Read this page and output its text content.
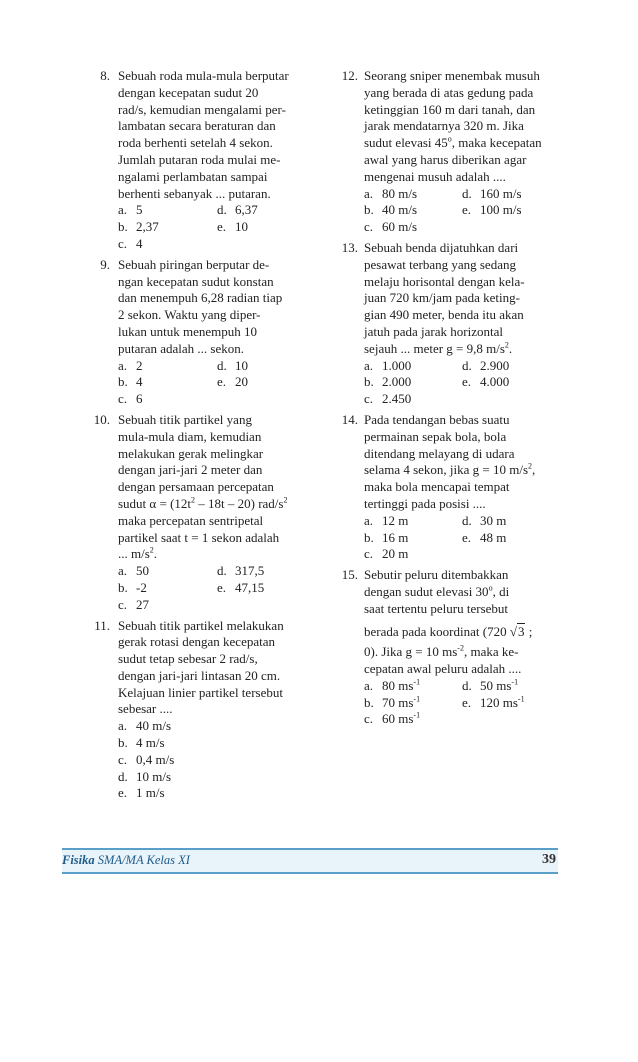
8. Sebuah roda mula-mula berputar
dengan kecepatan sudut 20
rad/s, kemudian mengalami per-
lambatan secara beraturan dan
roda berhenti setelah 4 sekon.
Jumlah putaran roda mulai me-
ngalami perlambatan sampai
berhenti sebanyak ... putaran.
a. 5	d. 6,37
b. 2,37	e. 10
c. 4
9. Sebuah piringan berputar de-
ngan kecepatan sudut konstan
dan menempuh 6,28 radian tiap
2 sekon. Waktu yang diper-
lukan untuk menempuh 10
putaran adalah ... sekon.
a. 2	d. 10
b. 4	e. 20
c. 6
10. Sebuah titik partikel yang
mula-mula diam, kemudian
melakukan gerak melingkar
dengan jari-jari 2 meter dan
dengan persamaan percepatan
sudut $\alpha = (12t^2 - 18t - 20)$ rad/$s^2$
maka percepatan sentripetal
partikel saat t = 1 sekon adalah
... $m/s^2$.
a. 50	d. 317,5
b. -2	e. 47,15
c. 27
11. Sebuah titik partikel melakukan
gerak rotasi dengan kecepatan
sudut tetap sebesar 2 rad/s,
dengan jari-jari lintasan 20 cm.
Kelajuan linier partikel tersebut
sebesar ....
a. 40 m/s
b. 4 m/s
c. 0,4 m/s
d. 10 m/s
e. 1 m/s
12. Seorang sniper menembak musuh
yang berada di atas gedung pada
ketinggian 160 m dari tanah, dan
jarak mendatarnya 320 m. Jika
sudut elevasi 45$^o$, maka kecepatan
awal yang harus diberikan agar
mengenai musuh adalah ....
a. 80 m/s	d. 160 m/s
b. 40 m/s	e. 100 m/s
c. 60 m/s
13. Sebuah benda dijatuhkan dari
pesawat terbang yang sedang
melaju horisontal dengan kela-
juan 720 km/jam pada keting-
gian 490 meter, benda itu akan
jatuh pada jarak horizontal
sejauh ... meter g = 9,8 $m/s^2$.
a. 1.000	d. 2.900
b. 2.000	e. 4.000
c. 2.450
14. Pada tendangan bebas suatu
permainan sepak bola, bola
ditendang melayang di udara
selama 4 sekon, jika g = 10 $m/s^2$,
maka bola mencapai tempat
tertinggi pada posisi ....
a. 12 m	d. 30 m
b. 16 m	e. 48 m
c. 20 m
15. Sebutir peluru ditembakkan
dengan sudut elevasi 30$^o$, di
saat tertentu peluru tersebut
berada pada koordinat (720 √3 ;
0). Jika g = 10 $ms^{-2}$, maka ke-
cepatan awal peluru adalah ....
a. 80 $ms^{-1}$	d. 50 $ms^{-1}$
b. 70 $ms^{-1}$	e. 120 $ms^{-1}$
c. 60 $ms^{-1}$
Fisika SMA/MA Kelas XI	39
